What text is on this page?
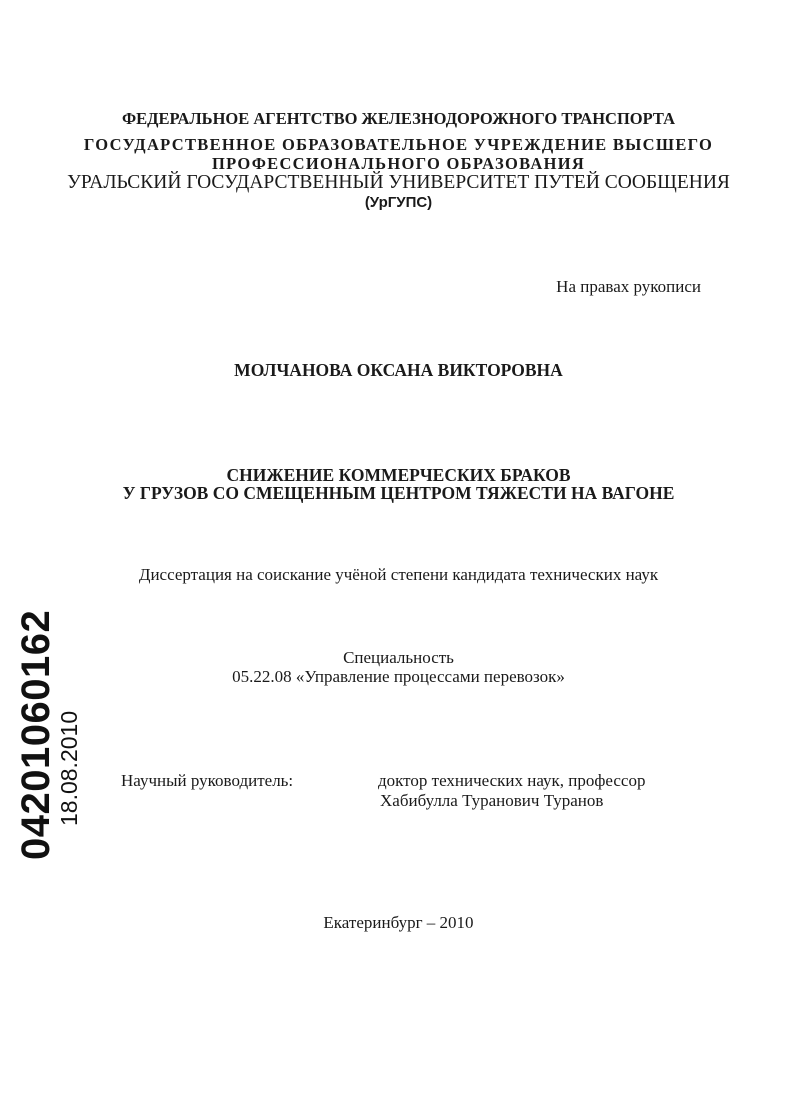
ФЕДЕРАЛЬНОЕ АГЕНТСТВО ЖЕЛЕЗНОДОРОЖНОГО ТРАНСПОРТА
ГОСУДАРСТВЕННОЕ ОБРАЗОВАТЕЛЬНОЕ УЧРЕЖДЕНИЕ ВЫСШЕГО
ПРОФЕССИОНАЛЬНОГО ОБРАЗОВАНИЯ
УРАЛЬСКИЙ ГОСУДАРСТВЕННЫЙ УНИВЕРСИТЕТ ПУТЕЙ СООБЩЕНИЯ
(УрГУПС)
На правах рукописи
МОЛЧАНОВА ОКСАНА ВИКТОРОВНА
СНИЖЕНИЕ КОММЕРЧЕСКИХ БРАКОВ
У ГРУЗОВ СО СМЕЩЕННЫМ ЦЕНТРОМ ТЯЖЕСТИ НА ВАГОНЕ
Диссертация на соискание учёной степени кандидата технических наук
Специальность
05.22.08 «Управление процессами перевозок»
Научный руководитель:	доктор технических наук, профессор
Хабибулла Туранович Туранов
Екатеринбург – 2010
04201060162
18.08.2010
